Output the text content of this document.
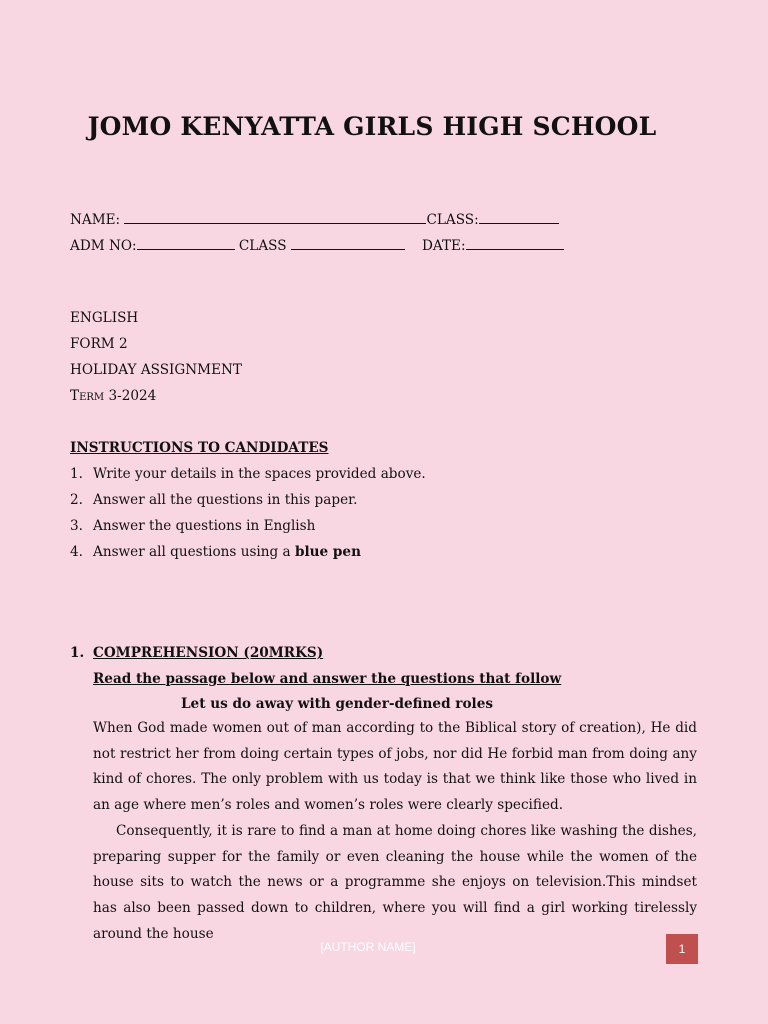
JOMO KENYATTA GIRLS HIGH SCHOOL
NAME:	CLASS:
ADM NO:	CLASS	DATE:
ENGLISH
FORM 2
HOLIDAY ASSIGNMENT
Term 3-2024
INSTRUCTIONS TO CANDIDATES
1. Write your details in the spaces provided above.
2. Answer all the questions in this paper.
3. Answer the questions in English
4. Answer all questions using a blue pen
1. COMPREHENSION (20MRKS)
Read the passage below and answer the questions that follow
Let us do away with gender-defined roles
When God made women out of man according to the Biblical story of creation), He did not restrict her from doing certain types of jobs, nor did He forbid man from doing any kind of chores. The only problem with us today is that we think like those who lived in an age where men’s roles and women’s roles were clearly specified.
Consequently, it is rare to find a man at home doing chores like washing the dishes, preparing supper for the family or even cleaning the house while the women of the house sits to watch the news or a programme she enjoys on television.This mindset has also been passed down to children, where you will find a girl working tirelessly around the house
[AUTHOR NAME]	1
